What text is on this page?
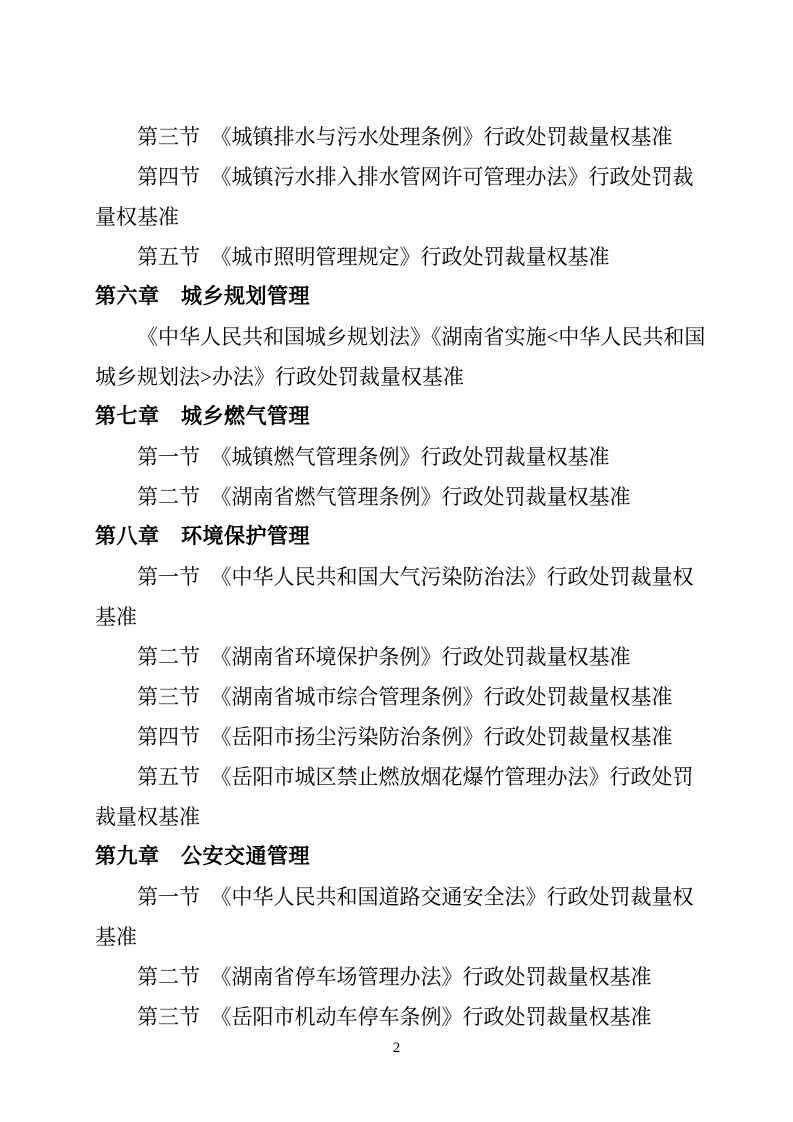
第三节　《城镇排水与污水处理条例》行政处罚裁量权基准
第四节　《城镇污水排入排水管网许可管理办法》行政处罚裁
量权基准
第五节　《城市照明管理规定》行政处罚裁量权基准
第六章　城乡规划管理
《中华人民共和国城乡规划法》《湖南省实施<中华人民共和国
城乡规划法>办法》行政处罚裁量权基准
第七章　城乡燃气管理
第一节　《城镇燃气管理条例》行政处罚裁量权基准
第二节　《湖南省燃气管理条例》行政处罚裁量权基准
第八章　环境保护管理
第一节　《中华人民共和国大气污染防治法》行政处罚裁量权
基准
第二节　《湖南省环境保护条例》行政处罚裁量权基准
第三节　《湖南省城市综合管理条例》行政处罚裁量权基准
第四节　《岳阳市扬尘污染防治条例》行政处罚裁量权基准
第五节　《岳阳市城区禁止燃放烟花爆竹管理办法》行政处罚
裁量权基准
第九章　公安交通管理
第一节　《中华人民共和国道路交通安全法》行政处罚裁量权
基准
第二节　《湖南省停车场管理办法》行政处罚裁量权基准
第三节　《岳阳市机动车停车条例》行政处罚裁量权基准
2
